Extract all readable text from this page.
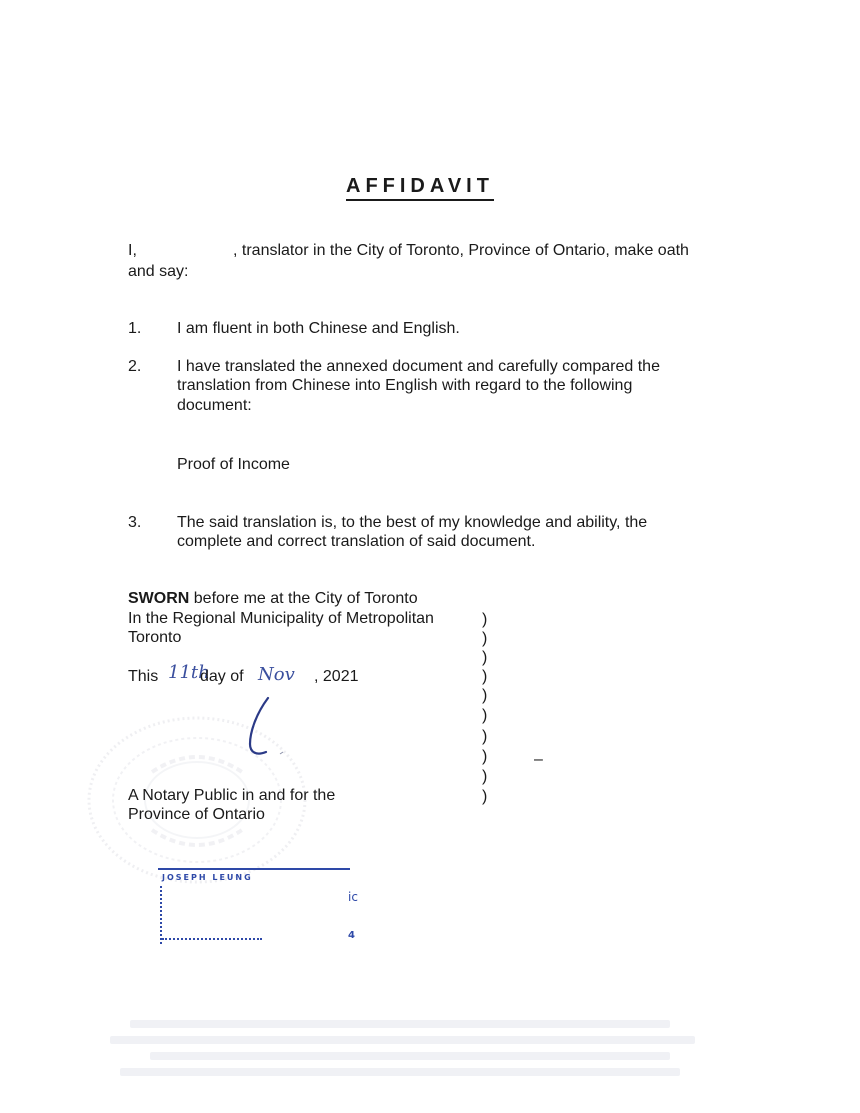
AFFIDAVIT
I,	, translator in the City of Toronto, Province of Ontario, make oath
and say:
1. I am fluent in both Chinese and English.
2. I have translated the annexed document and carefully compared the
translation from Chinese into English with regard to the following
document:
Proof of Income
3. The said translation is, to the best of my knowledge and ability, the
complete and correct translation of said document.
SWORN before me at the City of Toronto
In the Regional Municipality of Metropolitan
Toronto
This 11th
day of Nov , 2021
)
)
)
)
)
)
)
)
)
)
–
A Notary Public in and for the
Province of Ontario
JOSEPH LEUNG
ic
4
